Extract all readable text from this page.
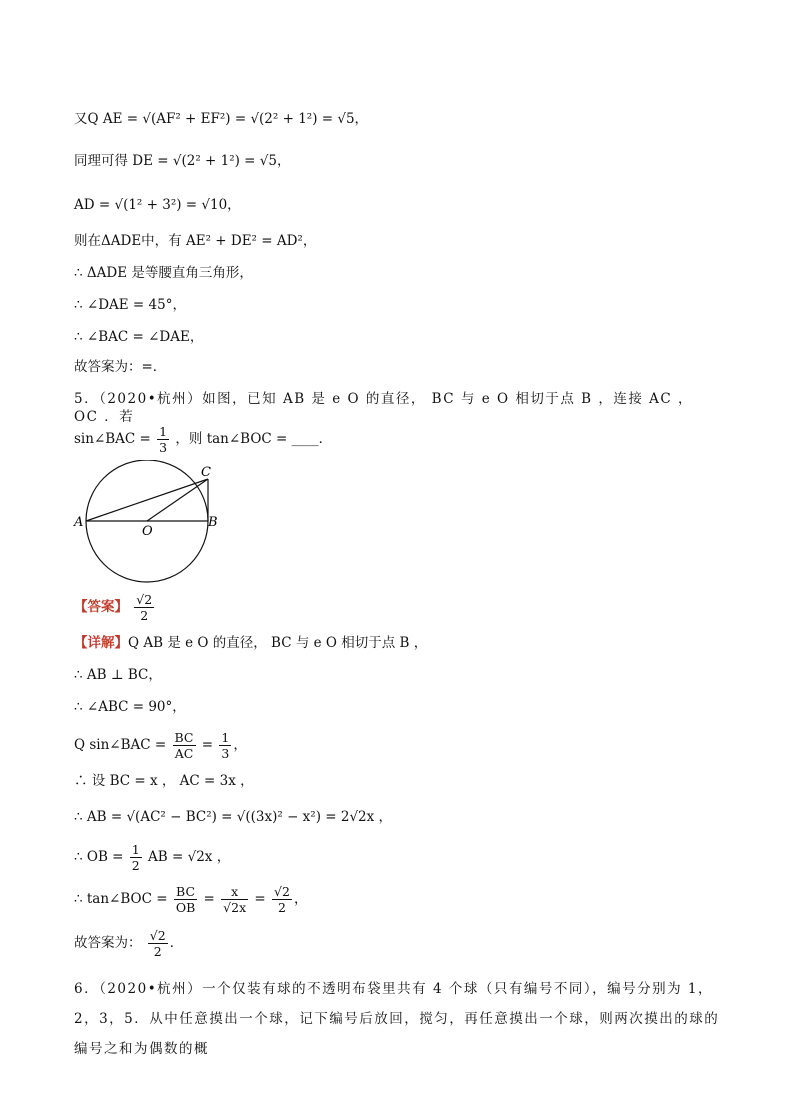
又Q AE = √(AF² + EF²) = √(2² + 1²) = √5，
同理可得 DE = √(2² + 1²) = √5，
AD = √(1² + 3²) = √10，
则在ΔADE中，有 AE² + DE² = AD²，
∴ ΔADE 是等腰直角三角形，
∴ ∠DAE = 45°，
∴ ∠BAC = ∠DAE，
故答案为：=．
5．（2020•杭州）如图，已知 AB 是 e O 的直径， BC 与 e O 相切于点 B ，连接 AC ， OC ．若
sin∠BAC = $\frac{1}{3}$ ，则 tan∠BOC = ____．
A	B
C
O
【答案】 $\frac{√2}{2}$
【详解】Q AB 是 e O 的直径， BC 与 e O 相切于点 B ，
∴ AB ⊥ BC，
∴ ∠ABC = 90°，
Q sin∠BAC = $\frac{BC}{AC} = \frac{1}{3}$ ，
∴ 设 BC = x ， AC = 3x ，
∴ AB = √(AC² − BC²) = √((3x)² − x²) = 2√2x ，
∴ OB = $\frac{1}{2}$ AB = √2x ，
∴ tan∠BOC = $\frac{BC}{OB} = \frac{x}{√2x} = \frac{√2}{2}$ ，
故答案为： $\frac{√2}{2}$ ．
6．（2020•杭州）一个仅装有球的不透明布袋里共有 4 个球（只有编号不同），编号分别为 1，2，3，5．从中任意摸出一个球，记下编号后放回，搅匀，再任意摸出一个球，则两次摸出的球的编号之和为偶数的概
